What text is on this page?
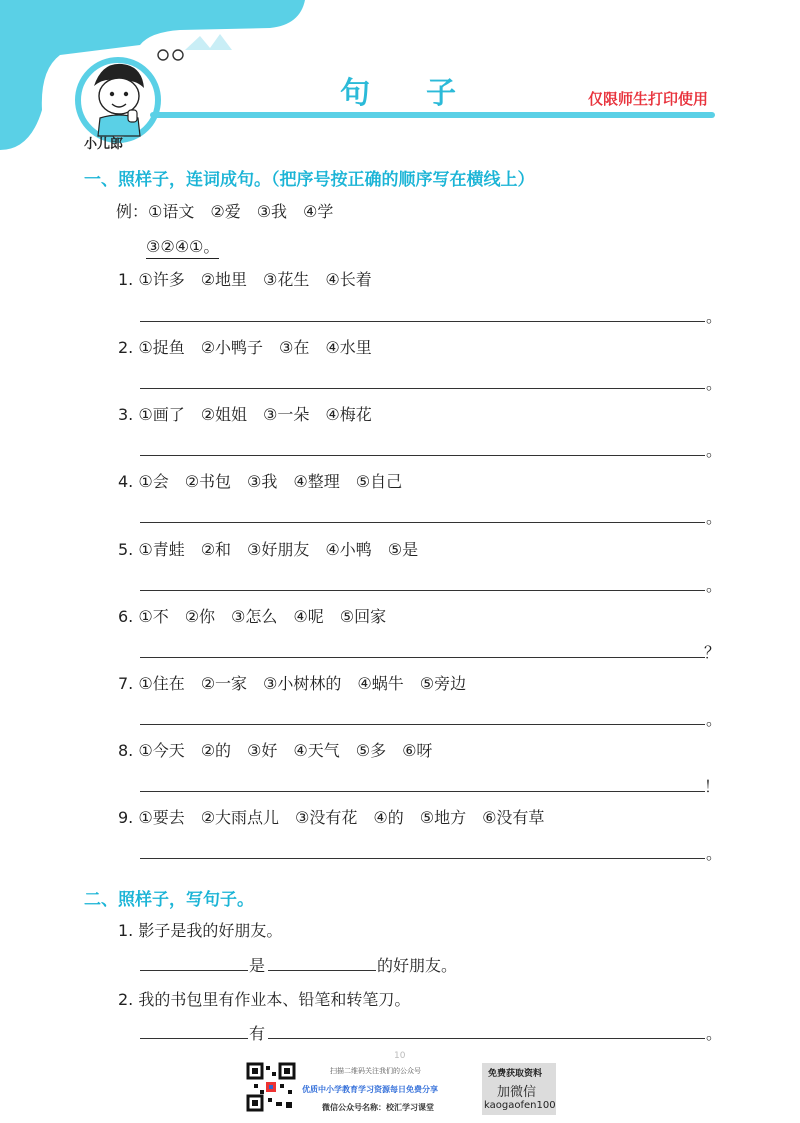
句子	仅限师生打印使用
小儿郎
一、照样子，连词成句。（把序号按正确的顺序写在横线上）
例：①语文　②爱　③我　④学
③②④①。
1. ①许多　②地里　③花生　④长着
。
2. ①捉鱼　②小鸭子　③在　④水里
。
3. ①画了　②姐姐　③一朵　④梅花
。
4. ①会　②书包　③我　④整理　⑤自己
。
5. ①青蛙　②和　③好朋友　④小鸭　⑤是
。
6. ①不　②你　③怎么　④呢　⑤回家
？
7. ①住在　②一家　③小树林的　④蜗牛　⑤旁边
。
8. ①今天　②的　③好　④天气　⑤多　⑥呀
！
9. ①要去　②大雨点儿　③没有花　④的　⑤地方　⑥没有草
。
二、照样子，写句子。
1. 影子是我的好朋友。
是	的好朋友。
2. 我的书包里有作业本、铅笔和转笔刀。
有	。
10
扫描二维码关注我们的公众号
优质中小学教育学习资源每日免费分享
微信公众号名称：校汇学习课堂
免费获取资料
加微信
kaogaofen100
